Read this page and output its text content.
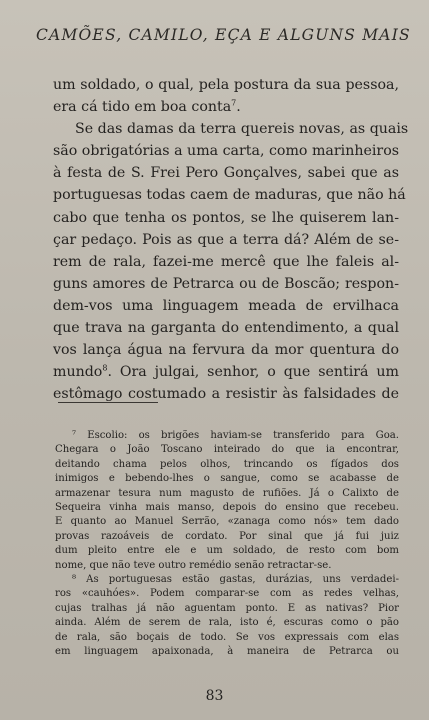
CAMÕES, CAMILO, EÇA E ALGUNS MAIS
um soldado, o qual, pela postura da sua pessoa,
era cá tido em boa conta$^7$.
Se das damas da terra quereis novas, as quais
são obrigatórias a uma carta, como marinheiros
à festa de S. Frei Pero Gonçalves, sabei que as
portuguesas todas caem de maduras, que não há
cabo que tenha os pontos, se lhe quiserem lan-
çar pedaço. Pois as que a terra dá? Além de se-
rem de rala, fazei-me mercê que lhe faleis al-
guns amores de Petrarca ou de Boscão; respon-
dem-vos uma linguagem meada de ervilhaca
que trava na garganta do entendimento, a qual
vos lança água na fervura da mor quentura do
mundo$^8$. Ora julgai, senhor, o que sentirá um
estômago costumado a resistir às falsidades de
⁷ Escolio: os brigões haviam-se transferido para Goa.
Chegara o João Toscano inteirado do que ia encontrar,
deitando chama pelos olhos, trincando os fígados dos
inimigos e bebendo-lhes o sangue, como se acabasse de
armazenar tesura num magusto de rufiões. Já o Calixto de
Sequeira vinha mais manso, depois do ensino que recebeu.
E quanto ao Manuel Serrão, «zanaga como nós» tem dado
provas razoáveis de cordato. Por sinal que já fui juiz
dum pleito entre ele e um soldado, de resto com bom
nome, que não teve outro remédio senão retractar-se.
⁸ As portuguesas estão gastas, durázias, uns verdadei-
ros «cauhóes». Podem comparar-se com as redes velhas,
cujas tralhas já não aguentam ponto. E as nativas? Pior
ainda. Além de serem de rala, isto é, escuras como o pão
de rala, são boçais de todo. Se vos expressais com elas
em linguagem apaixonada, à maneira de Petrarca ou
83
